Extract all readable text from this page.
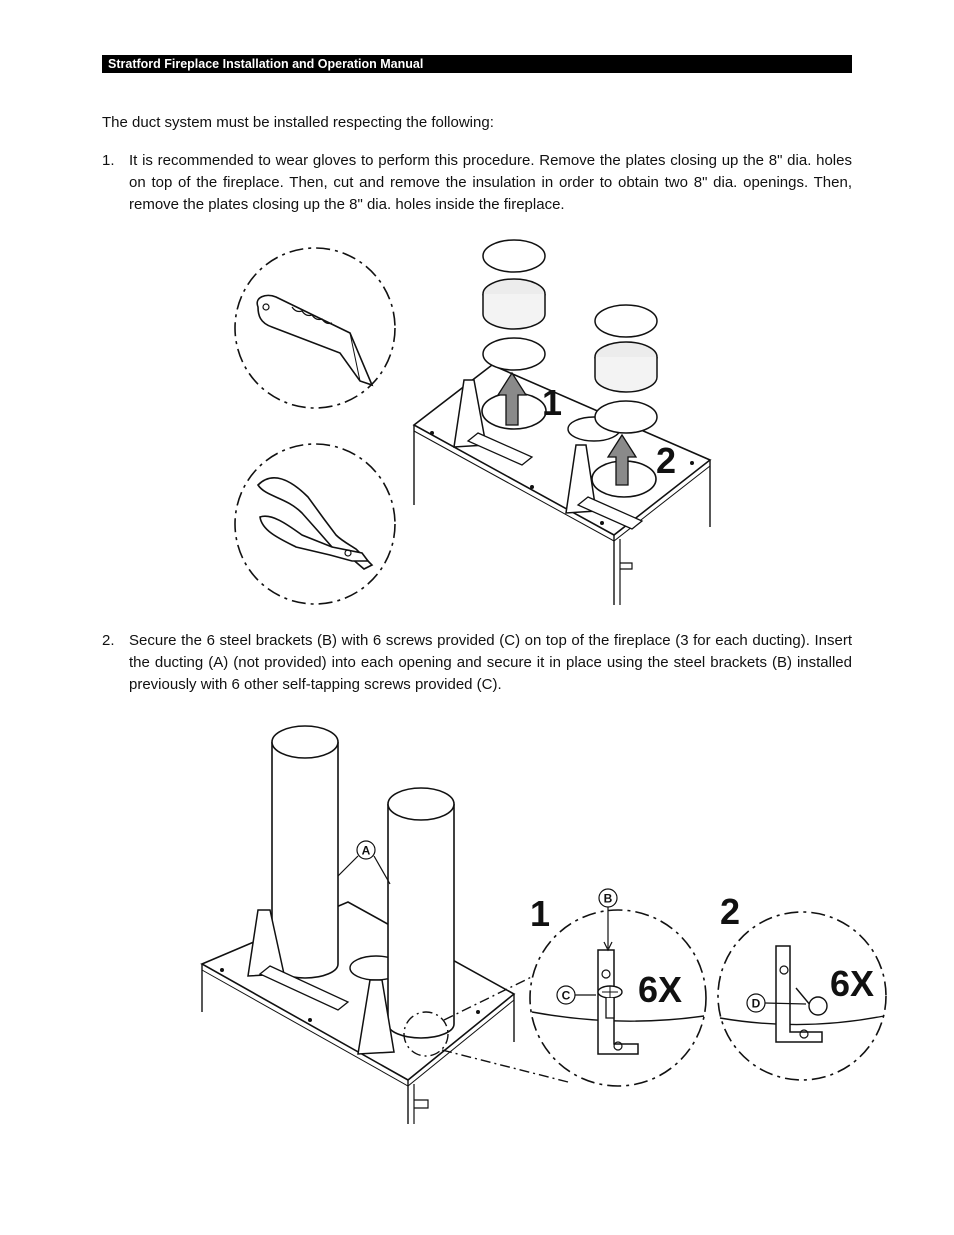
Stratford Fireplace Installation and Operation Manual
The duct system must be installed respecting the following:
1. It is recommended to wear gloves to perform this procedure. Remove the plates closing up the 8" dia. holes on top of the fireplace. Then, cut and remove the insulation in order to obtain two 8" dia. openings. Then, remove the plates closing up the 8" dia. holes inside the fireplace.
1
2
2. Secure the 6 steel brackets (B) with 6 screws provided (C) on top of the fireplace (3 for each ducting). Insert the ducting (A) (not provided) into each opening and secure it in place using the steel brackets (B) installed previously with 6 other self-tapping screws provided (C).
A
B
C 6X
1
D 6X
2
